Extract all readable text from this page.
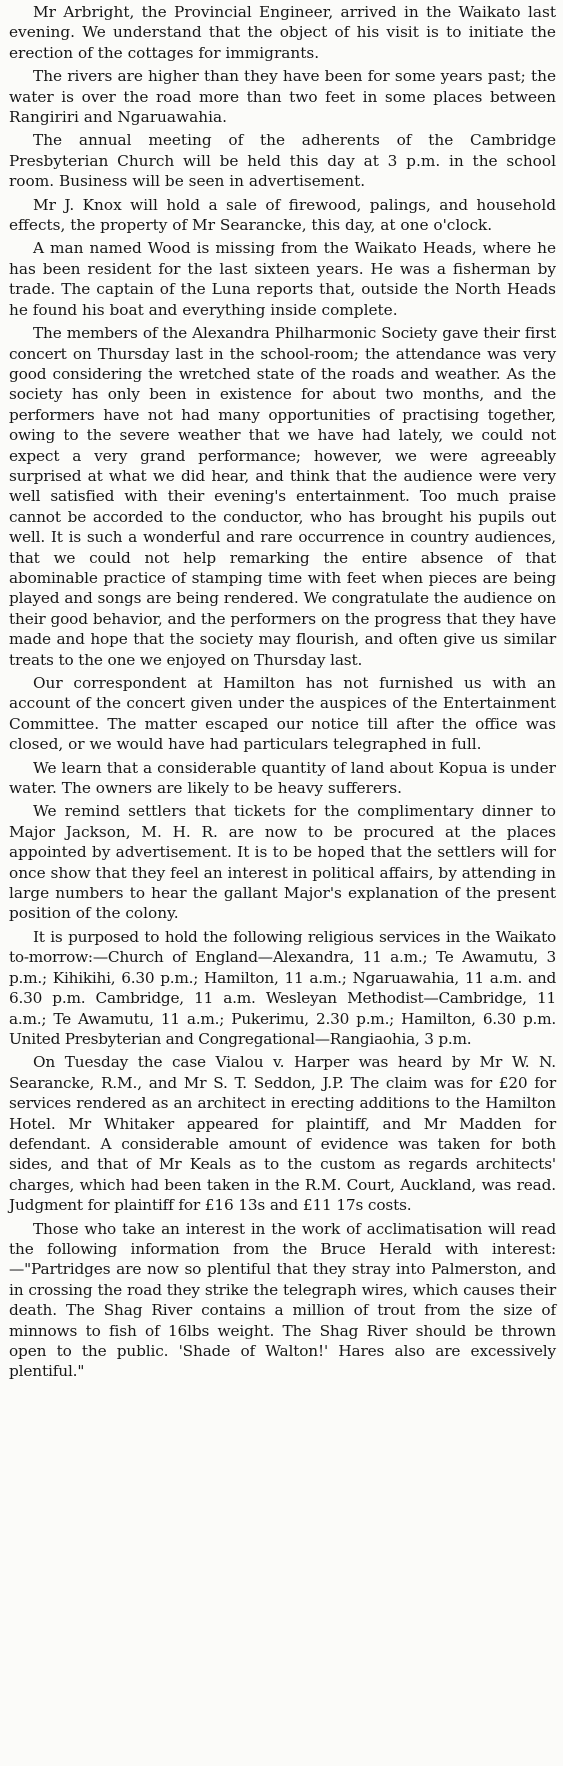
Mr Arbright, the Provincial Engineer, arrived in the Waikato last evening. We understand that the object of his visit is to initiate the erection of the cottages for immigrants.

The rivers are higher than they have been for some years past; the water is over the road more than two feet in some places between Rangiriri and Ngaruawahia.

The annual meeting of the adherents of the Cambridge Presbyterian Church will be held this day at 3 p.m. in the school room. Business will be seen in advertisement.

Mr J. Knox will hold a sale of firewood, palings, and household effects, the property of Mr Searancke, this day, at one o'clock.

A man named Wood is missing from the Waikato Heads, where he has been resident for the last sixteen years. He was a fisherman by trade. The captain of the Luna reports that, outside the North Heads he found his boat and everything inside complete.

The members of the Alexandra Philharmonic Society gave their first concert on Thursday last in the school-room; the attendance was very good considering the wretched state of the roads and weather. As the society has only been in existence for about two months, and the performers have not had many opportunities of practising together, owing to the severe weather that we have had lately, we could not expect a very grand performance; however, we were agreeably surprised at what we did hear, and think that the audience were very well satisfied with their evening's entertainment. Too much praise cannot be accorded to the conductor, who has brought his pupils out well. It is such a wonderful and rare occurrence in country audiences, that we could not help remarking the entire absence of that abominable practice of stamping time with feet when pieces are being played and songs are being rendered. We congratulate the audience on their good behavior, and the performers on the progress that they have made and hope that the society may flourish, and often give us similar treats to the one we enjoyed on Thursday last.

Our correspondent at Hamilton has not furnished us with an account of the concert given under the auspices of the Entertainment Committee. The matter escaped our notice till after the office was closed, or we would have had particulars telegraphed in full.

We learn that a considerable quantity of land about Kopua is under water. The owners are likely to be heavy sufferers.

We remind settlers that tickets for the complimentary dinner to Major Jackson, M. H. R. are now to be procured at the places appointed by advertisement. It is to be hoped that the settlers will for once show that they feel an interest in political affairs, by attending in large numbers to hear the gallant Major's explanation of the present position of the colony.

It is purposed to hold the following religious services in the Waikato to-morrow:—Church of England—Alexandra, 11 a.m.; Te Awamutu, 3 p.m.; Kihikihi, 6.30 p.m.; Hamilton, 11 a.m.; Ngaruawahia, 11 a.m. and 6.30 p.m. Cambridge, 11 a.m. Wesleyan Methodist—Cambridge, 11 a.m.; Te Awamutu, 11 a.m.; Pukerimu, 2.30 p.m.; Hamilton, 6.30 p.m. United Presbyterian and Congregational—Rangiaohia, 3 p.m.

On Tuesday the case Vialou v. Harper was heard by Mr W. N. Searancke, R.M., and Mr S. T. Seddon, J.P. The claim was for £20 for services rendered as an architect in erecting additions to the Hamilton Hotel. Mr Whitaker appeared for plaintiff, and Mr Madden for defendant. A considerable amount of evidence was taken for both sides, and that of Mr Keals as to the custom as regards architects' charges, which had been taken in the R.M. Court, Auckland, was read. Judgment for plaintiff for £16 13s and £11 17s costs.

Those who take an interest in the work of acclimatisation will read the following information from the Bruce Herald with interest:—"Partridges are now so plentiful that they stray into Palmerston, and in crossing the road they strike the telegraph wires, which causes their death. The Shag River contains a million of trout from the size of minnows to fish of 16lbs weight. The Shag River should be thrown open to the public. 'Shade of Walton!' Hares also are excessively plentiful."
